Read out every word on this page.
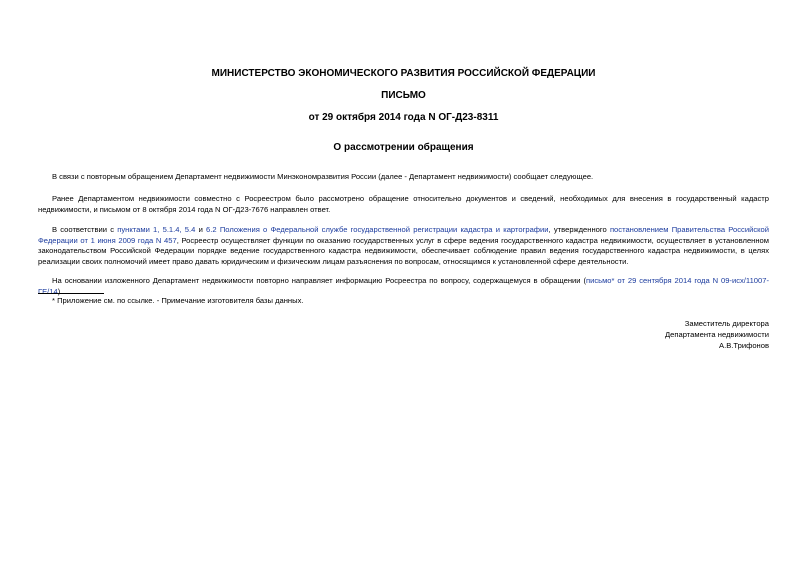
МИНИСТЕРСТВО ЭКОНОМИЧЕСКОГО РАЗВИТИЯ РОССИЙСКОЙ ФЕДЕРАЦИИ
ПИСЬМО
от 29 октября 2014 года N ОГ-Д23-8311
О рассмотрении обращения

В связи с повторным обращением Департамент недвижимости Минэкономразвития России (далее - Департамент недвижимости) сообщает следующее.

Ранее Департаментом недвижимости совместно с Росреестром было рассмотрено обращение относительно документов и сведений, необходимых для внесения в государственный кадастр недвижимости, и письмом от 8 октября 2014 года N ОГ-Д23-7676 направлен ответ.

В соответствии с пунктами 1, 5.1.4, 5.4 и 6.2 Положения о Федеральной службе государственной регистрации кадастра и картографии, утвержденного постановлением Правительства Российской Федерации от 1 июня 2009 года N 457, Росреестр осуществляет функции по оказанию государственных услуг в сфере ведения государственного кадастра недвижимости, осуществляет в установленном законодательством Российской Федерации порядке ведение государственного кадастра недвижимости, обеспечивает соблюдение правил ведения государственного кадастра недвижимости, в целях реализации своих полномочий имеет право давать юридическим и физическим лицам разъяснения по вопросам, относящимся к установленной сфере деятельности.

На основании изложенного Департамент недвижимости повторно направляет информацию Росреестра по вопросу, содержащемуся в обращении (письмо* от 29 сентября 2014 года N 09-исх/11007-ГЕ/14).

* Приложение см. по ссылке. - Примечание изготовителя базы данных.

Заместитель директора
Департамента недвижимости
А.В.Трифонов
